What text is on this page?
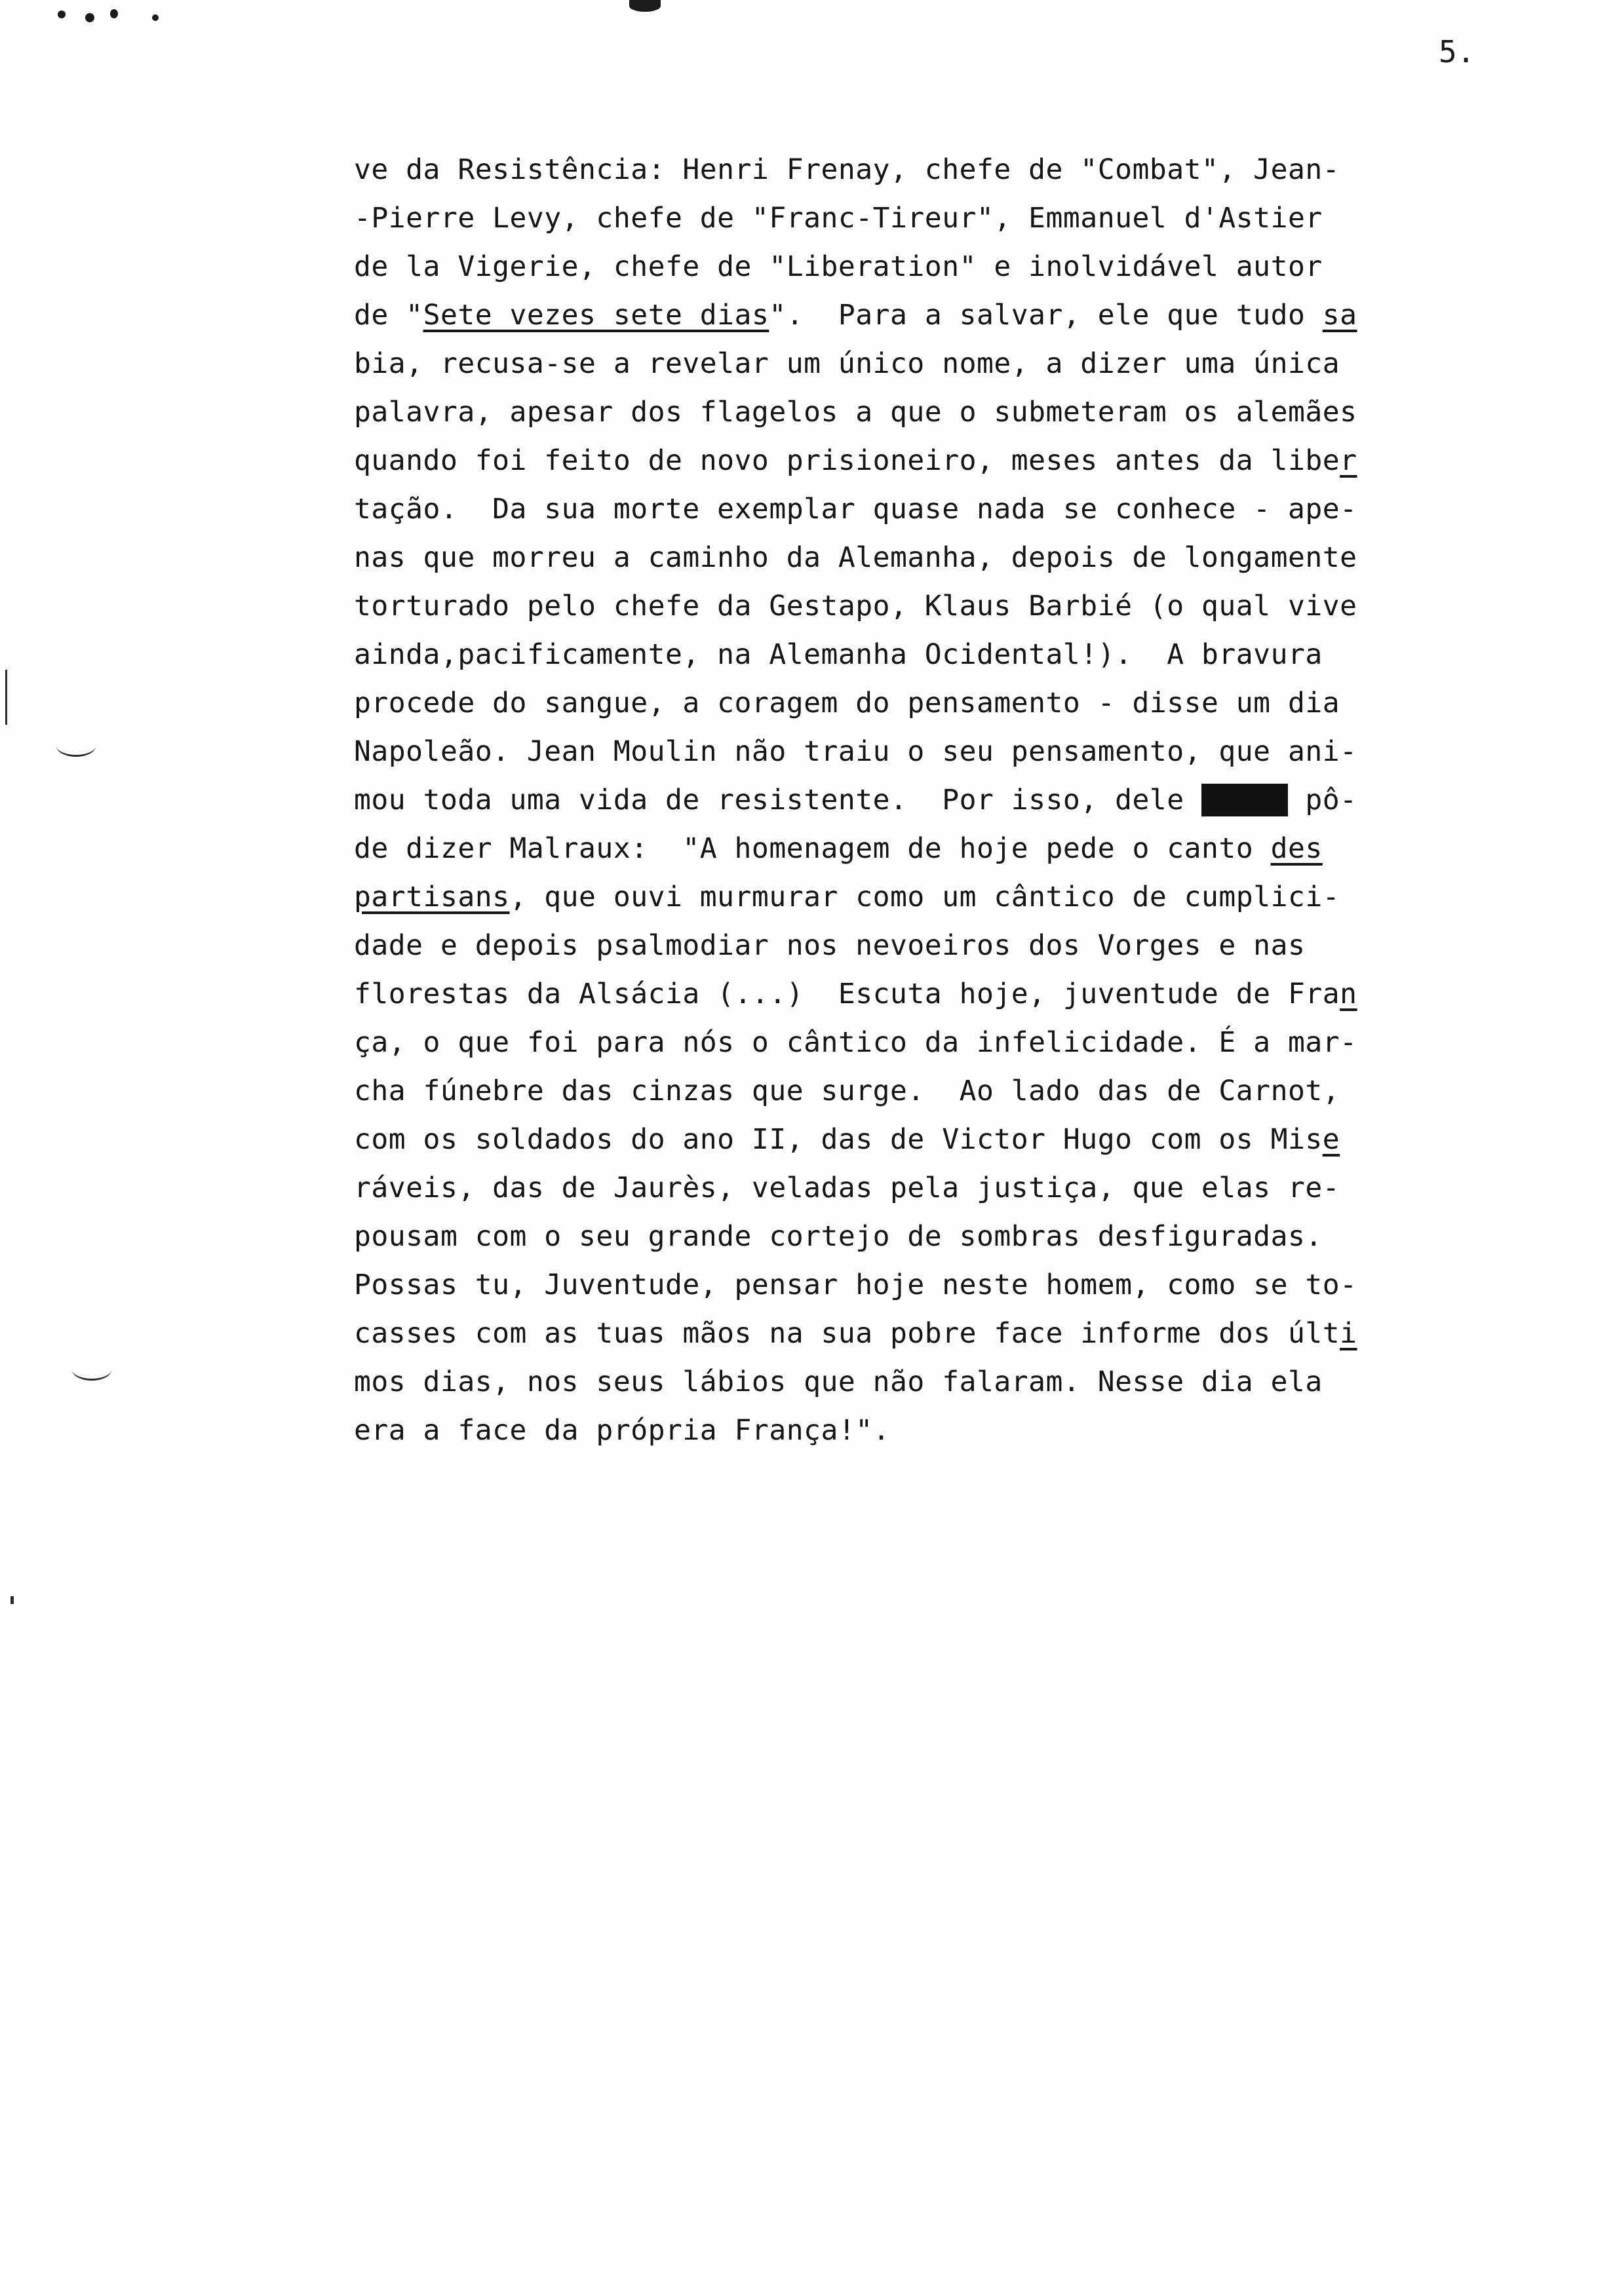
5.
ve da Resistência: Henri Frenay, chefe de "Combat", Jean-
-Pierre Levy, chefe de "Franc-Tireur", Emmanuel d'Astier
de la Vigerie, chefe de "Liberation" e inolvidável autor
de "Sete vezes sete dias".  Para a salvar, ele que tudo sa
bia, recusa-se a revelar um único nome, a dizer uma única
palavra, apesar dos flagelos a que o submeteram os alemães
quando foi feito de novo prisioneiro, meses antes da liber
tação.  Da sua morte exemplar quase nada se conhece - ape-
nas que morreu a caminho da Alemanha, depois de longamente
torturado pelo chefe da Gestapo, Klaus Barbié (o qual vive
ainda,pacificamente, na Alemanha Ocidental!).  A bravura
procede do sangue, a coragem do pensamento - disse um dia
Napoleão. Jean Moulin não traiu o seu pensamento, que ani-
mou toda uma vida de resistente.  Por isso, dele pmmde pô-
de dizer Malraux:  "A homenagem de hoje pede o canto des
partisans, que ouvi murmurar como um cântico de cumplici-
dade e depois psalmodiar nos nevoeiros dos Vorges e nas
florestas da Alsácia (...)  Escuta hoje, juventude de Fran
ça, o que foi para nós o cântico da infelicidade. É a mar-
cha fúnebre das cinzas que surge.  Ao lado das de Carnot,
com os soldados do ano II, das de Victor Hugo com os Mise
ráveis, das de Jaurès, veladas pela justiça, que elas re-
pousam com o seu grande cortejo de sombras desfiguradas.
Possas tu, Juventude, pensar hoje neste homem, como se to-
casses com as tuas mãos na sua pobre face informe dos últi
mos dias, nos seus lábios que não falaram. Nesse dia ela
era a face da própria França!".
